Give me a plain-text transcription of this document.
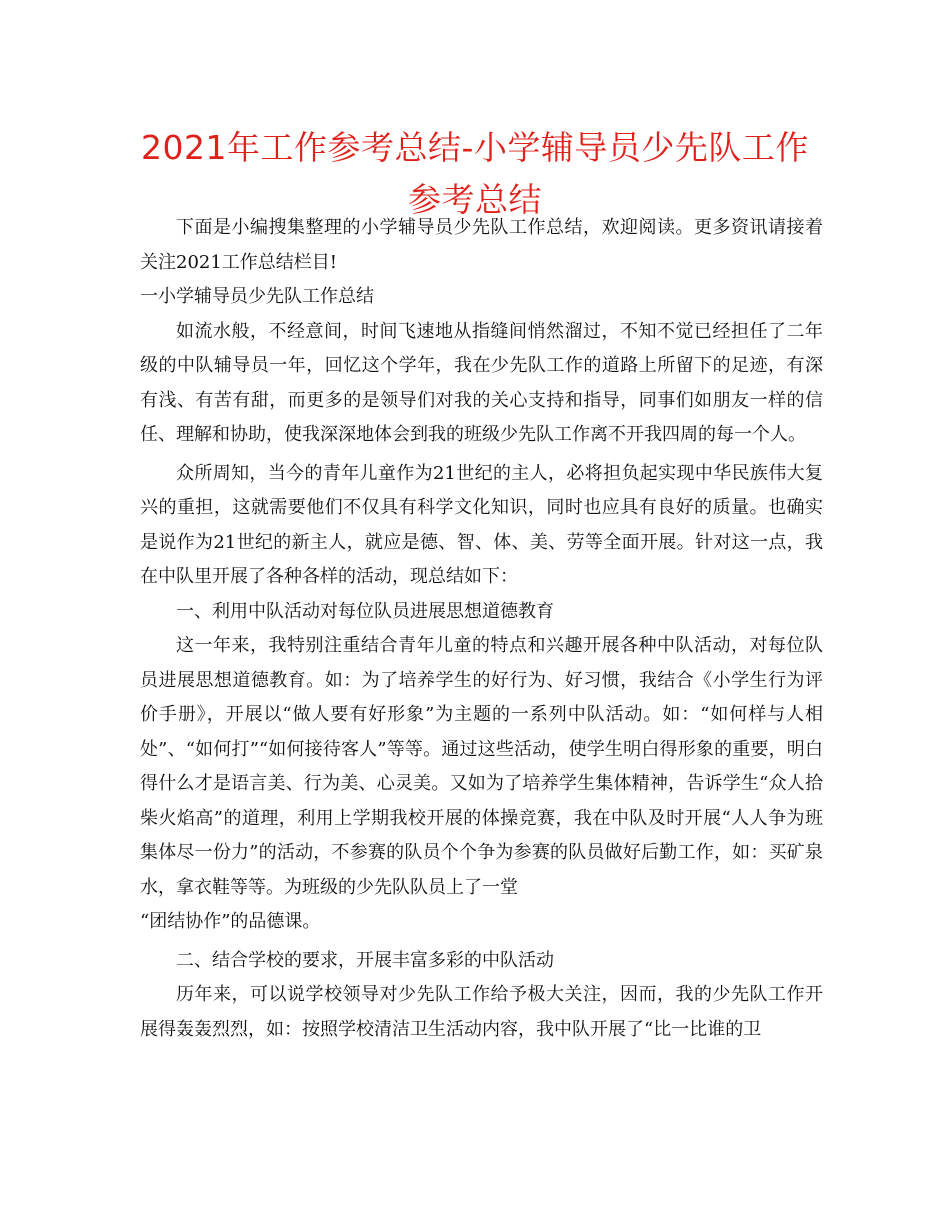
2021年工作参考总结-小学辅导员少先队工作参考总结

下面是小编搜集整理的小学辅导员少先队工作总结，欢迎阅读。更多资讯请接着关注2021工作总结栏目!

一小学辅导员少先队工作总结

如流水般，不经意间，时间飞速地从指缝间悄然溜过，不知不觉已经担任了二年级的中队辅导员一年，回忆这个学年，我在少先队工作的道路上所留下的足迹，有深有浅、有苦有甜，而更多的是领导们对我的关心支持和指导，同事们如朋友一样的信任、理解和协助，使我深深地体会到我的班级少先队工作离不开我四周的每一个人。

众所周知，当今的青年儿童作为21世纪的主人，必将担负起实现中华民族伟大复兴的重担，这就需要他们不仅具有科学文化知识，同时也应具有良好的质量。也确实是说作为21世纪的新主人，就应是德、智、体、美、劳等全面开展。针对这一点，我在中队里开展了各种各样的活动，现总结如下：

一、利用中队活动对每位队员进展思想道德教育

这一年来，我特别注重结合青年儿童的特点和兴趣开展各种中队活动，对每位队员进展思想道德教育。如：为了培养学生的好行为、好习惯，我结合《小学生行为评价手册》，开展以“做人要有好形象”为主题的一系列中队活动。如：“如何样与人相处”、“如何打”“如何接待客人”等等。通过这些活动，使学生明白得形象的重要，明白得什么才是语言美、行为美、心灵美。又如为了培养学生集体精神，告诉学生“众人拾柴火焰高”的道理，利用上学期我校开展的体操竞赛，我在中队及时开展“人人争为班集体尽一份力”的活动，不参赛的队员个个争为参赛的队员做好后勤工作，如：买矿泉水，拿衣鞋等等。为班级的少先队队员上了一堂

“团结协作”的品德课。

二、结合学校的要求，开展丰富多彩的中队活动

历年来，可以说学校领导对少先队工作给予极大关注，因而，我的少先队工作开展得轰轰烈烈，如：按照学校清洁卫生活动内容，我中队开展了“比一比谁的卫
